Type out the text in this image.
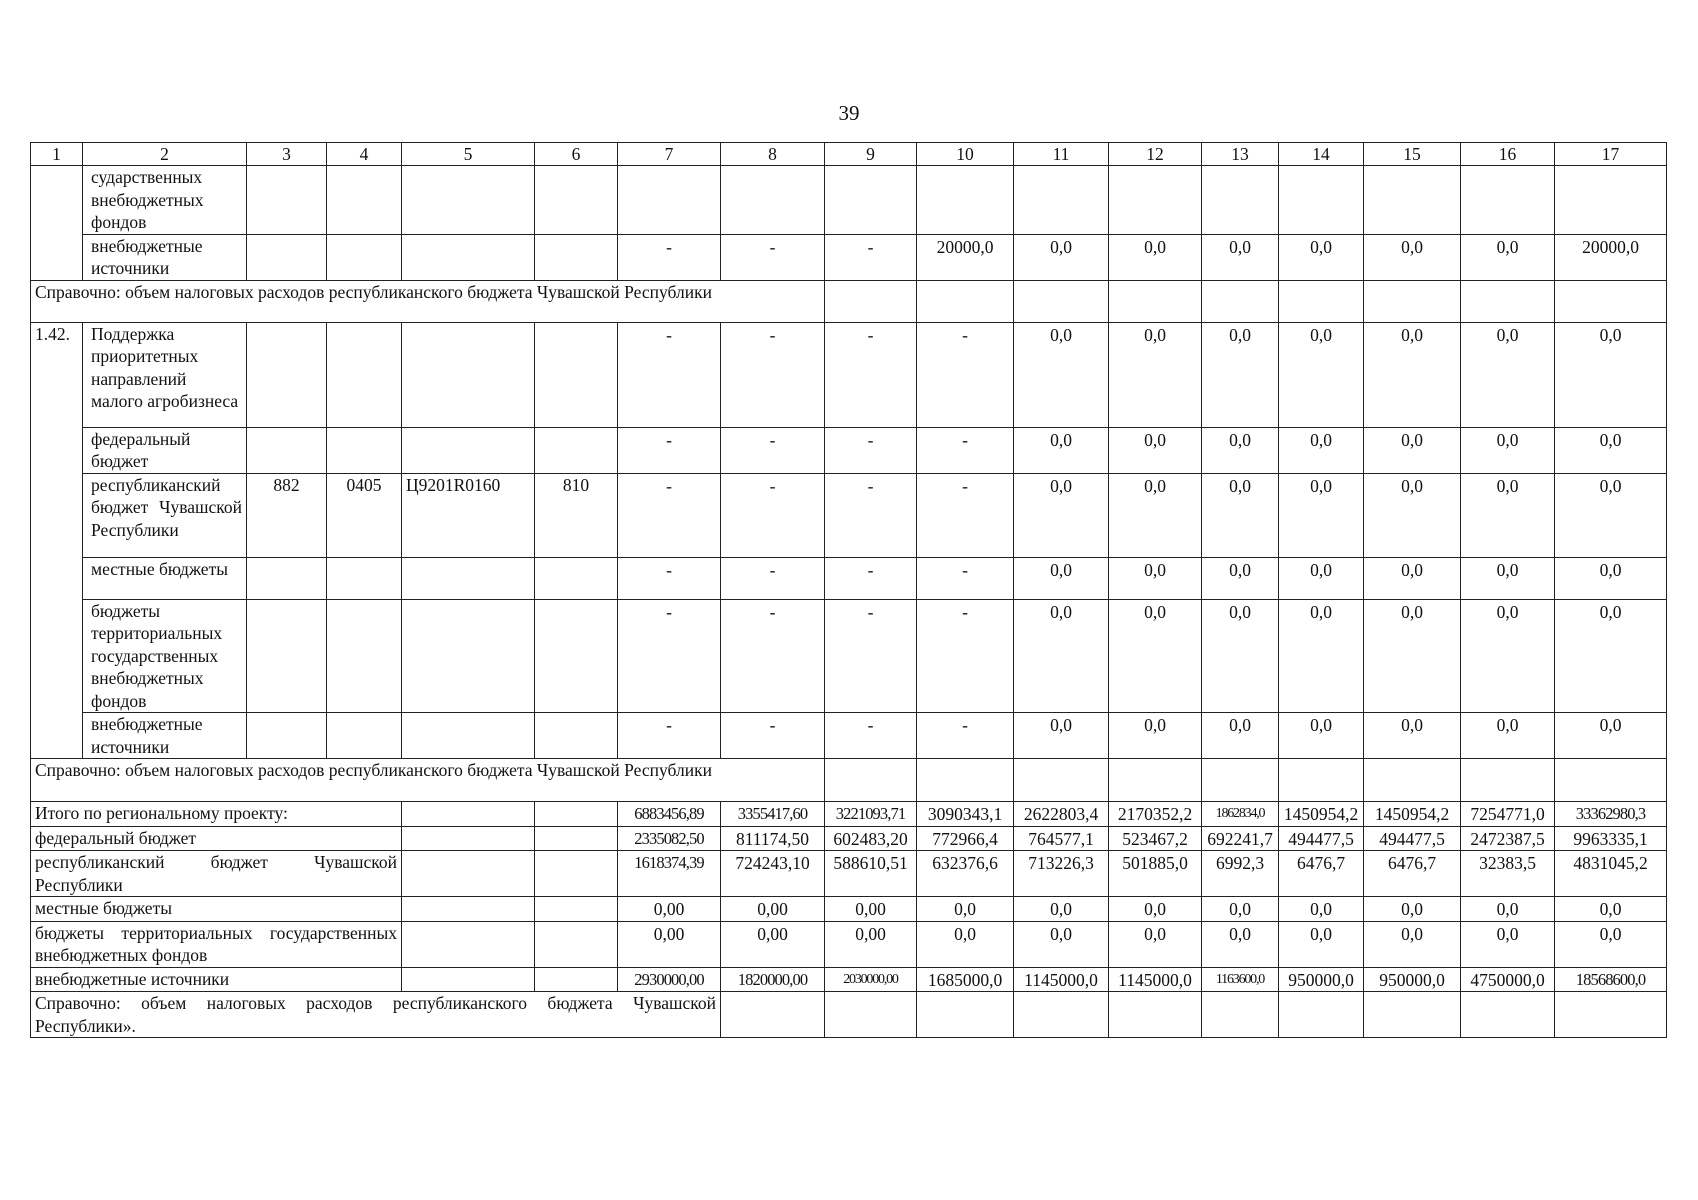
39
1	2	3	4	5	6	7	8	9	10	11	12	13	14	15	16	17
	сударственных внебюджетных фондов															
	внебюджетные источники					-	-	-	20000,0	0,0	0,0	0,0	0,0	0,0	0,0	20000,0
Справочно: объем налоговых расходов республиканского бюджета Чувашской Республики																
1.42.	Поддержка приоритетных направлений малого агробизнеса					-	-	-	-	0,0	0,0	0,0	0,0	0,0	0,0	0,0
	федеральный бюджет					-	-	-	-	0,0	0,0	0,0	0,0	0,0	0,0	0,0
	республиканский бюджет Чувашской Республики	882	0405	Ц9201R0160	810	-	-	-	-	0,0	0,0	0,0	0,0	0,0	0,0	0,0
	местные бюджеты					-	-	-	-	0,0	0,0	0,0	0,0	0,0	0,0	0,0
	бюджеты территориальных государственных внебюджетных фондов					-	-	-	-	0,0	0,0	0,0	0,0	0,0	0,0	0,0
	внебюджетные источники					-	-	-	-	0,0	0,0	0,0	0,0	0,0	0,0	0,0
Справочно: объем налоговых расходов республиканского бюджета Чувашской Республики																
Итого по региональному проекту:						6883456,89	3355417,60	3221093,71	3090343,1	2622803,4	2170352,2	1862834,0	1450954,2	1450954,2	7254771,0	33362980,3
федеральный бюджет						2335082,50	811174,50	602483,20	772966,4	764577,1	523467,2	692241,7	494477,5	494477,5	2472387,5	9963335,1
республиканский бюджет Чувашской Республики						1618374,39	724243,10	588610,51	632376,6	713226,3	501885,0	6992,3	6476,7	6476,7	32383,5	4831045,2
местные бюджеты						0,00	0,00	0,00	0,0	0,0	0,0	0,0	0,0	0,0	0,0	0,0
бюджеты территориальных государственных внебюджетных фондов						0,00	0,00	0,00	0,0	0,0	0,0	0,0	0,0	0,0	0,0	0,0
внебюджетные источники						2930000,00	1820000,00	2030000,00	1685000,0	1145000,0	1145000,0	1163600,0	950000,0	950000,0	4750000,0	18568600,0
Справочно: объем налоговых расходов республиканского бюджета Чувашской Республики».																
